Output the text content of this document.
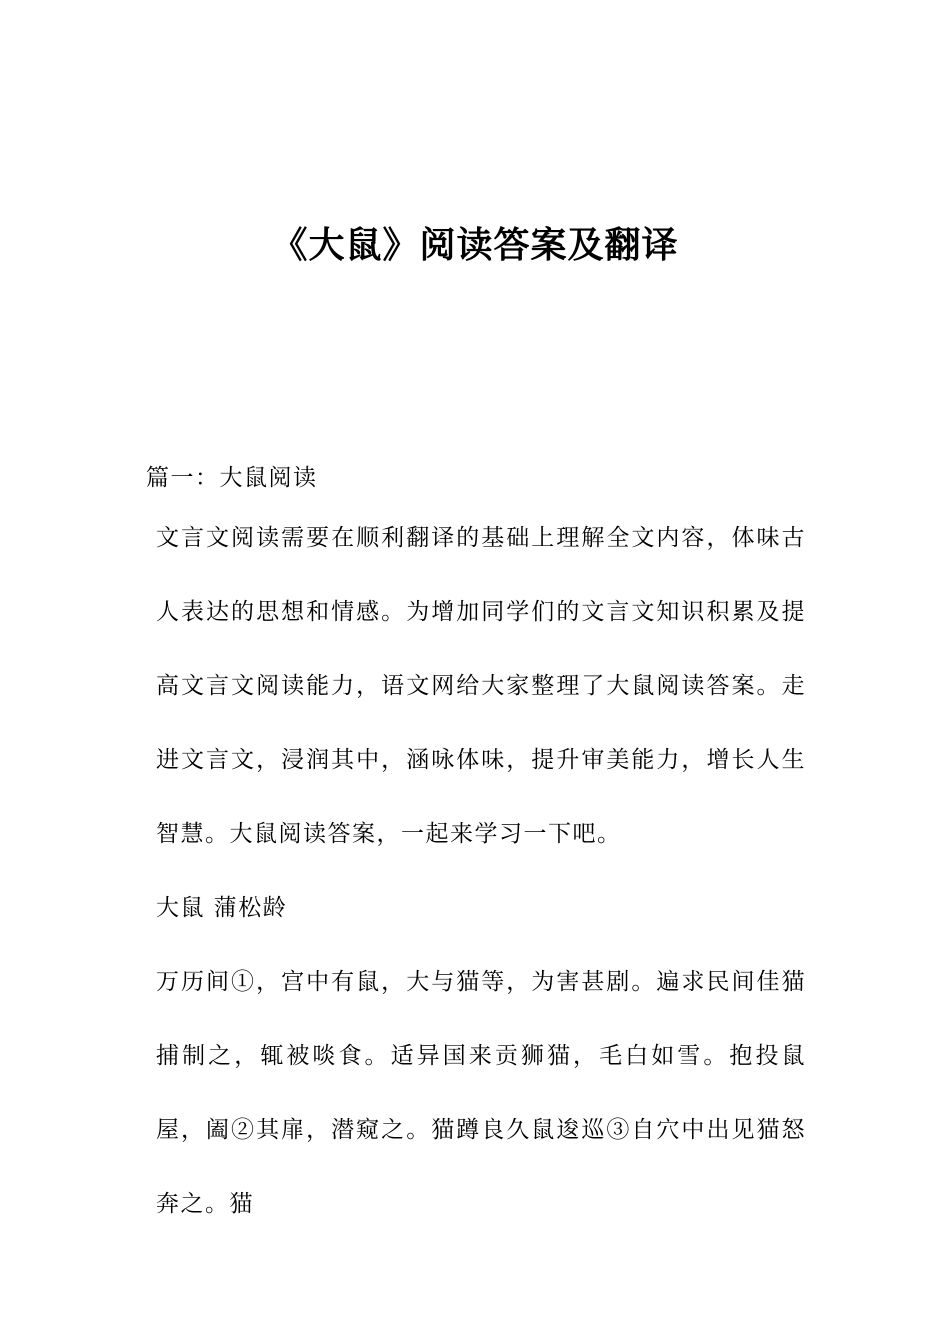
《大鼠》阅读答案及翻译

篇一：大鼠阅读

文言文阅读需要在顺利翻译的基础上理解全文内容，体味古人表达的思想和情感。为增加同学们的文言文知识积累及提高文言文阅读能力，语文网给大家整理了大鼠阅读答案。走进文言文，浸润其中，涵咏体味，提升审美能力，增长人生智慧。大鼠阅读答案，一起来学习一下吧。

大鼠 蒲松龄

万历间①，宫中有鼠，大与猫等，为害甚剧。遍求民间佳猫捕制之，辄被啖食。适异国来贡狮猫，毛白如雪。抱投鼠屋，阖②其扉，潜窥之。猫蹲良久鼠逡巡③自穴中出见猫怒奔之。猫
